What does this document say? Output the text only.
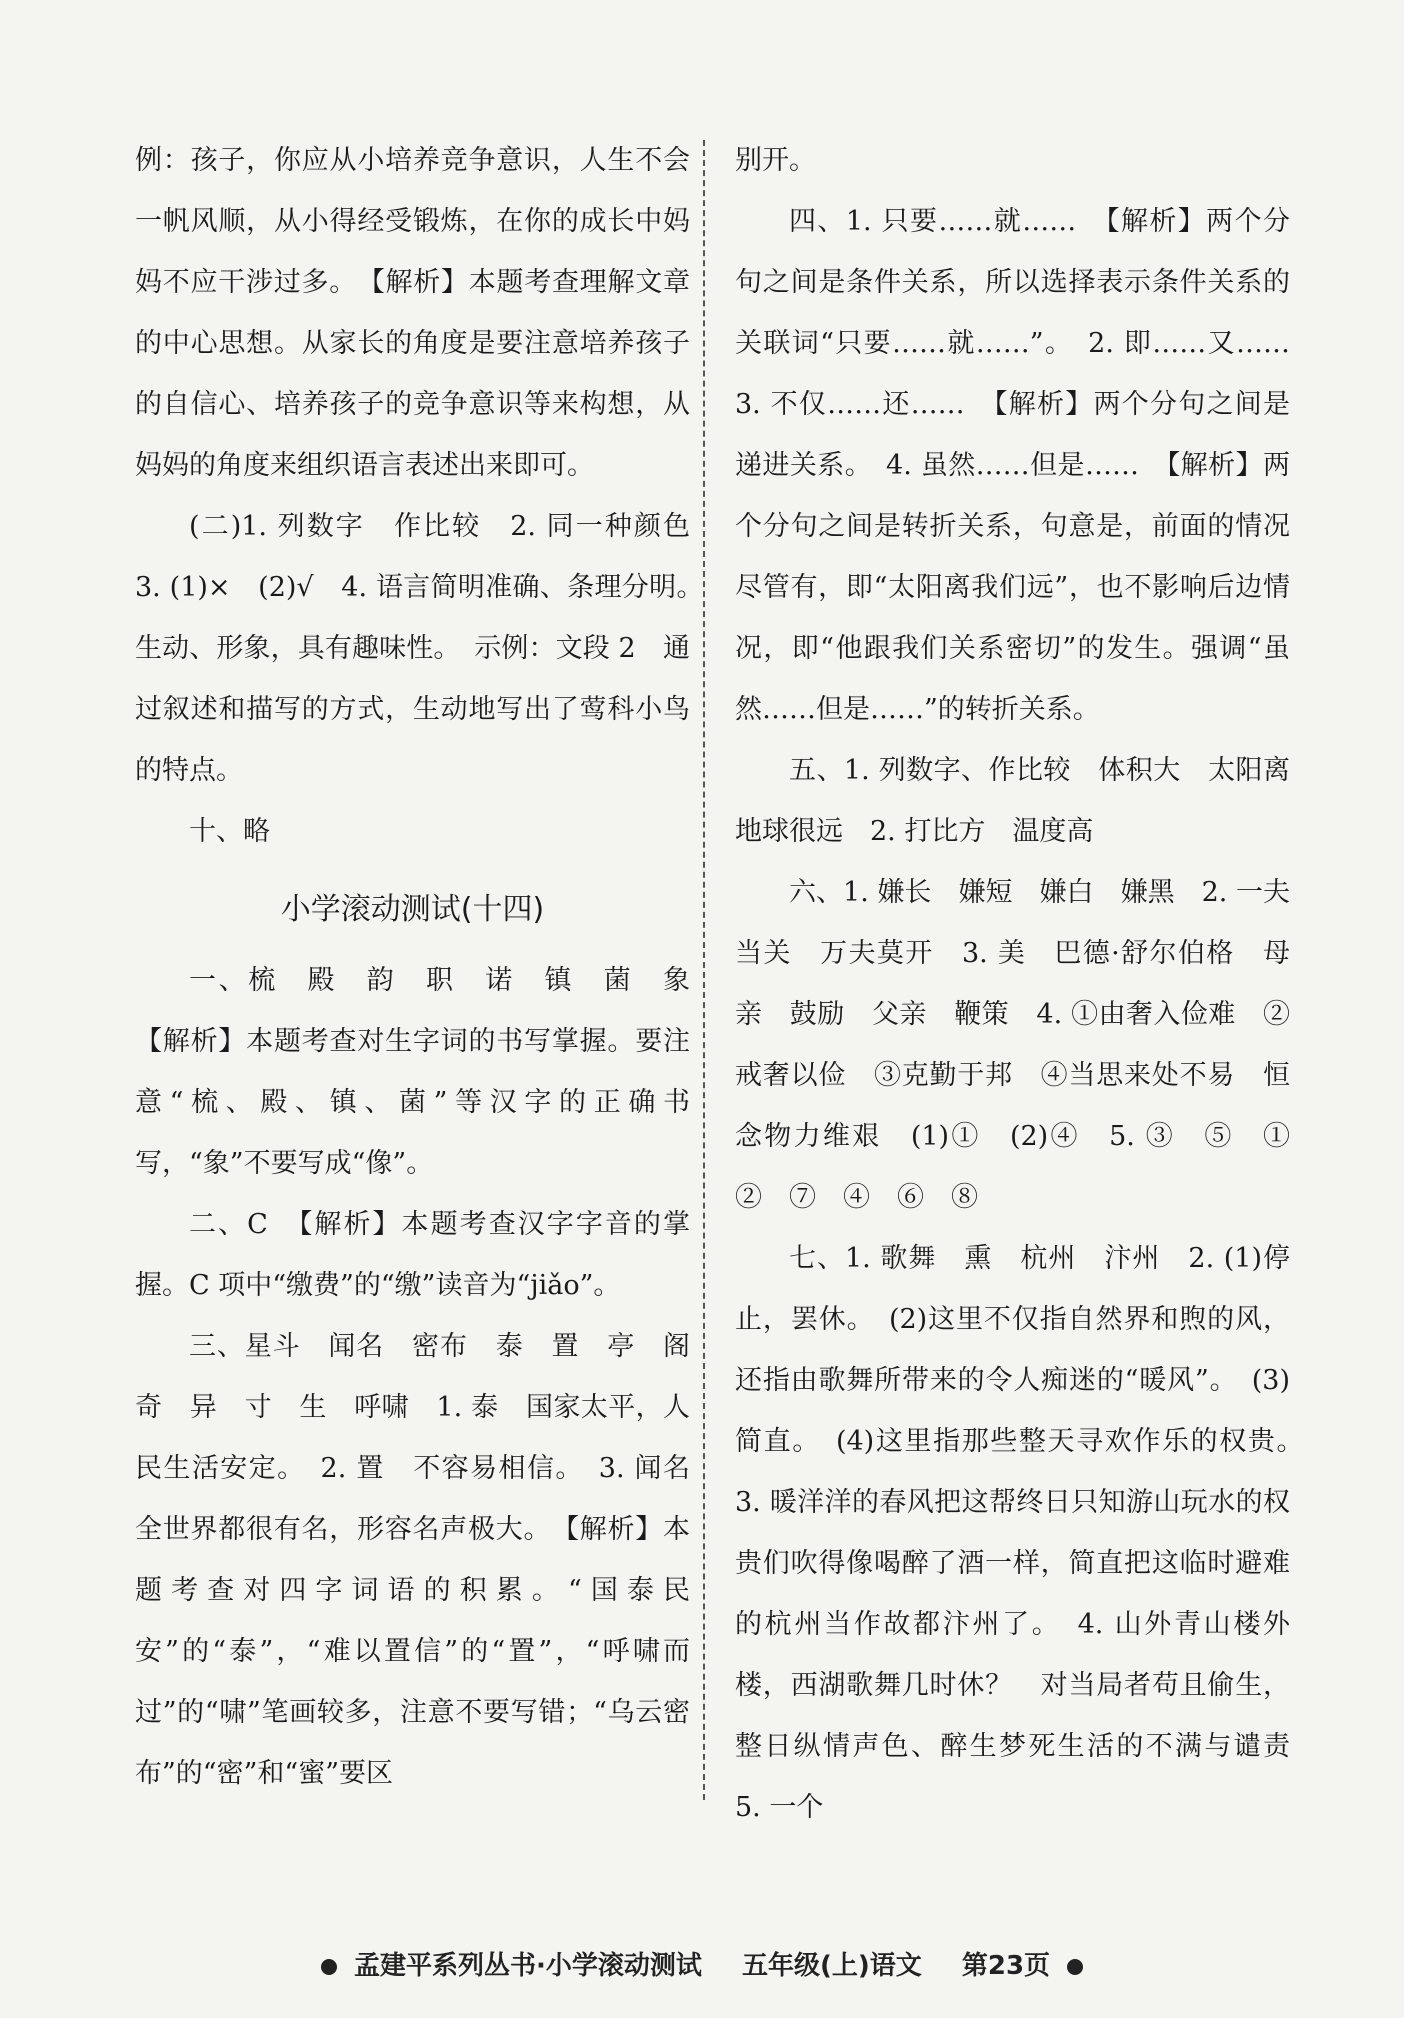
例：孩子，你应从小培养竞争意识，人生不会一帆风顺，从小得经受锻炼，在你的成长中妈妈不应干涉过多。　【解析】本题考查理解文章的中心思想。从家长的角度是要注意培养孩子的自信心、培养孩子的竞争意识等来构想，从妈妈的角度来组织语言表述出来即可。

(二)1. 列数字　作比较　2. 同一种颜色　3. (1)×　(2)√　4. 语言简明准确、条理分明。　生动、形象，具有趣味性。　示例：文段 2　通过叙述和描写的方式，生动地写出了莺科小鸟的特点。

十、略

小学滚动测试(十四)

一、梳　殿　韵　职　诺　镇　菌　象　【解析】本题考查对生字词的书写掌握。要注意“梳、殿、镇、菌”等汉字的正确书写，“象”不要写成“像”。

二、C　【解析】本题考查汉字字音的掌握。C 项中“缴费”的“缴”读音为“jiǎo”。

三、星斗　闻名　密布　泰　置　亭　阁　奇　异　寸　生　呼啸　1. 泰　国家太平，人民生活安定。　2. 置　不容易相信。　3. 闻名　全世界都很有名，形容名声极大。　【解析】本题考查对四字词语的积累。“国泰民安”的“泰”，“难以置信”的“置”，“呼啸而过”的“啸”笔画较多，注意不要写错；“乌云密布”的“密”和“蜜”要区

别开。

四、1. 只要……就……　【解析】两个分句之间是条件关系，所以选择表示条件关系的关联词“只要……就……”。　2. 即……又……　3. 不仅……还……　【解析】两个分句之间是递进关系。　4. 虽然……但是……　【解析】两个分句之间是转折关系，句意是，前面的情况尽管有，即“太阳离我们远”，也不影响后边情况，即“他跟我们关系密切”的发生。强调“虽然……但是……”的转折关系。

五、1. 列数字、作比较　体积大　太阳离地球很远　2. 打比方　温度高

六、1. 嫌长　嫌短　嫌白　嫌黑　2. 一夫当关　万夫莫开　3. 美　巴德·舒尔伯格　母亲　鼓励　父亲　鞭策　4. ①由奢入俭难　②戒奢以俭　③克勤于邦　④当思来处不易　恒念物力维艰　(1)①　(2)④　5. ③　⑤　①　②　⑦　④　⑥　⑧

七、1. 歌舞　熏　杭州　汴州　2. (1)停止，罢休。　(2)这里不仅指自然界和煦的风，还指由歌舞所带来的令人痴迷的“暖风”。　(3)简直。　(4)这里指那些整天寻欢作乐的权贵。　3. 暖洋洋的春风把这帮终日只知游山玩水的权贵们吹得像喝醉了酒一样，简直把这临时避难的杭州当作故都汴州了。　4. 山外青山楼外楼，西湖歌舞几时休？　对当局者苟且偷生，整日纵情声色、醉生梦死生活的不满与谴责　5. 一个

孟建平系列丛书·小学滚动测试 五年级(上)语文 第23页
